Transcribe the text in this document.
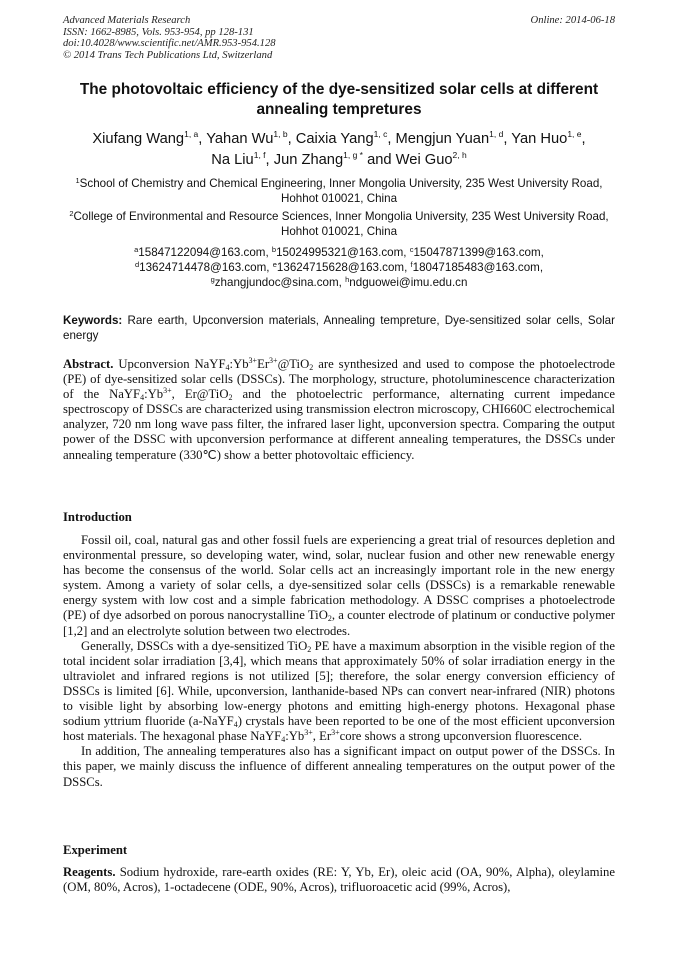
Advanced Materials Research
ISSN: 1662-8985, Vols. 953-954, pp 128-131
doi:10.4028/www.scientific.net/AMR.953-954.128
© 2014 Trans Tech Publications Ltd, Switzerland
Online: 2014-06-18
The photovoltaic efficiency of the dye-sensitized solar cells at different annealing tempretures
Xiufang Wang$^{1, a}$, Yahan Wu$^{1, b}$, Caixia Yang$^{1, c}$, Mengjun Yuan$^{1, d}$, Yan Huo$^{1, e}$,
Na Liu$^{1, f}$, Jun Zhang$^{1, g *}$ and Wei Guo$^{2, h}$
$^1$School of Chemistry and Chemical Engineering, Inner Mongolia University, 235 West University Road, Hohhot 010021, China
$^2$College of Environmental and Resource Sciences, Inner Mongolia University, 235 West University Road, Hohhot 010021, China
$^a$15847122094@163.com, $^b$15024995321@163.com, $^c$15047871399@163.com,
$^d$13624714478@163.com, $^e$13624715628@163.com, $^f$18047185483@163.com,
$^g$zhangjundoc@sina.com, $^h$ndguowei@imu.edu.cn
Keywords: Rare earth, Upconversion materials, Annealing tempreture, Dye-sensitized solar cells, Solar energy
Abstract. Upconversion $NaYF_4:Yb^{3+}Er^{3+}@TiO_2$ are synthesized and used to compose the photoelectrode (PE) of dye-sensitized solar cells (DSSCs). The morphology, structure, photoluminescence characterization of the $NaYF_4:Yb^{3+}$, Er@TiO$_2$ and the photoelectric performance, alternating current impedance spectroscopy of DSSCs are characterized using transmission electron microscopy, CHI660C electrochemical analyzer, 720 nm long wave pass filter, the infrared laser light, upconversion spectra. Comparing the output power of the DSSC with upconversion performance at different annealing temperatures, the DSSCs under annealing temperature (330℃) show a better photovoltaic efficiency.
Introduction

Fossil oil, coal, natural gas and other fossil fuels are experiencing a great trial of resources depletion and environmental pressure, so developing water, wind, solar, nuclear fusion and other new renewable energy has become the consensus of the world. Solar cells act an increasingly important role in the new energy system. Among a variety of solar cells, a dye-sensitized solar cells (DSSCs) is a remarkable renewable energy system with low cost and a simple fabrication methodology. A DSSC comprises a photoelectrode (PE) of dye adsorbed on porous nanocrystalline TiO$_2$, a counter electrode of platinum or conductive polymer [1,2] and an electrolyte solution between two electrodes.

Generally, DSSCs with a dye-sensitized TiO$_2$ PE have a maximum absorption in the visible region of the total incident solar irradiation [3,4], which means that approximately 50% of solar irradiation energy in the ultraviolet and infrared regions is not utilized [5]; therefore, the solar energy conversion efficiency of DSSCs is limited [6]. While, upconversion, lanthanide-based NPs can convert near-infrared (NIR) photons to visible light by absorbing low-energy photons and emitting high-energy photons. Hexagonal phase sodium yttrium fluoride (a-NaYF$_4$) crystals have been reported to be one of the most efficient upconversion host materials. The hexagonal phase $NaYF_4:Yb^{3+}$, $Er^{3+}core$ shows a strong upconversion fluorescence.

In addition, The annealing temperatures also has a significant impact on output power of the DSSCs. In this paper, we mainly discuss the influence of different annealing temperatures on the output power of the DSSCs.

Experiment
Reagents. Sodium hydroxide, rare-earth oxides (RE: Y, Yb, Er), oleic acid (OA, 90%, Alpha), oleylamine (OM, 80%, Acros), 1-octadecene (ODE, 90%, Acros), trifluoroacetic acid (99%, Acros),
